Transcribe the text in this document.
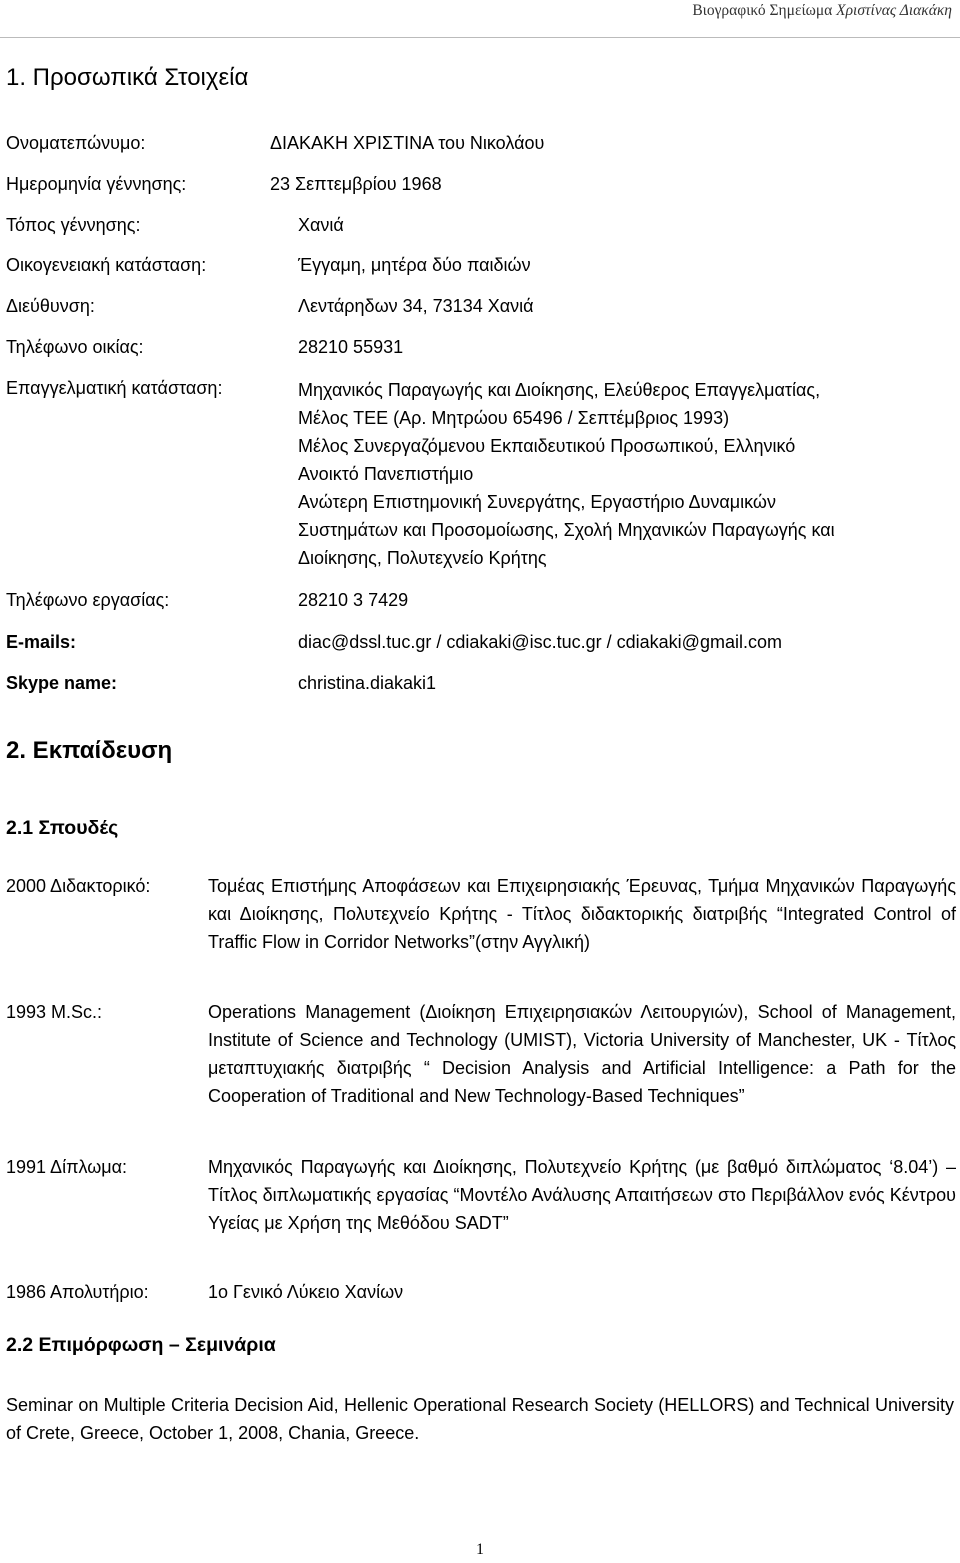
Βιογραφικό Σημείωμα Χριστίνας Διακάκη
1. Προσωπικά Στοιχεία
Ονοματεπώνυμο:	ΔΙΑΚΑΚΗ ΧΡΙΣΤΙΝΑ του Νικολάου
Ημερομηνία γέννησης:	23 Σεπτεμβρίου 1968
Τόπος γέννησης:	Χανιά
Οικογενειακή κατάσταση:	Έγγαμη, μητέρα δύο παιδιών
Διεύθυνση:	Λεντάρηδων 34, 73134 Χανιά
Τηλέφωνο οικίας:	28210 55931
Επαγγελματική κατάσταση:	Μηχανικός Παραγωγής και Διοίκησης, Ελεύθερος Επαγγελματίας,
Μέλος ΤΕΕ (Αρ. Μητρώου 65496 / Σεπτέμβριος 1993)
Μέλος Συνεργαζόμενου Εκπαιδευτικού Προσωπικού, Ελληνικό
Ανοικτό Πανεπιστήμιο
Ανώτερη Επιστημονική Συνεργάτης, Εργαστήριο Δυναμικών
Συστημάτων και Προσομοίωσης, Σχολή Μηχανικών Παραγωγής και
Διοίκησης, Πολυτεχνείο Κρήτης
Τηλέφωνο εργασίας:	28210 3 7429
E-mails:	diac@dssl.tuc.gr / cdiakaki@isc.tuc.gr / cdiakaki@gmail.com
Skype name:	christina.diakaki1
2. Εκπαίδευση
2.1 Σπουδές
2000 Διδακτορικό:	Τομέας Επιστήμης Αποφάσεων και Επιχειρησιακής Έρευνας, Τμήμα Μηχανικών Παραγωγής και Διοίκησης, Πολυτεχνείο Κρήτης - Τίτλος διδακτορικής διατριβής “Integrated Control of Traffic Flow in Corridor Networks”(στην Αγγλική)
1993 M.Sc.:	Operations Management (Διοίκηση Επιχειρησιακών Λειτουργιών), School of Management, Institute of Science and Technology (UMIST), Victoria University of Manchester, UK - Τίτλος μεταπτυχιακής διατριβής “ Decision Analysis and Artificial Intelligence: a Path for the Cooperation of Traditional and New Technology-Based Techniques”
1991 Δίπλωμα:	Μηχανικός Παραγωγής και Διοίκησης, Πολυτεχνείο Κρήτης (με βαθμό διπλώματος ‘8.04’) – Τίτλος διπλωματικής εργασίας “Μοντέλο Ανάλυσης Απαιτήσεων στο Περιβάλλον ενός Κέντρου Υγείας με Χρήση της Μεθόδου SADT”
1986 Απολυτήριο:	1ο Γενικό Λύκειο Χανίων
2.2 Επιμόρφωση – Σεμινάρια
Seminar on Multiple Criteria Decision Aid, Hellenic Operational Research Society (HELLORS) and Technical University of Crete, Greece, October 1, 2008, Chania, Greece.
1
